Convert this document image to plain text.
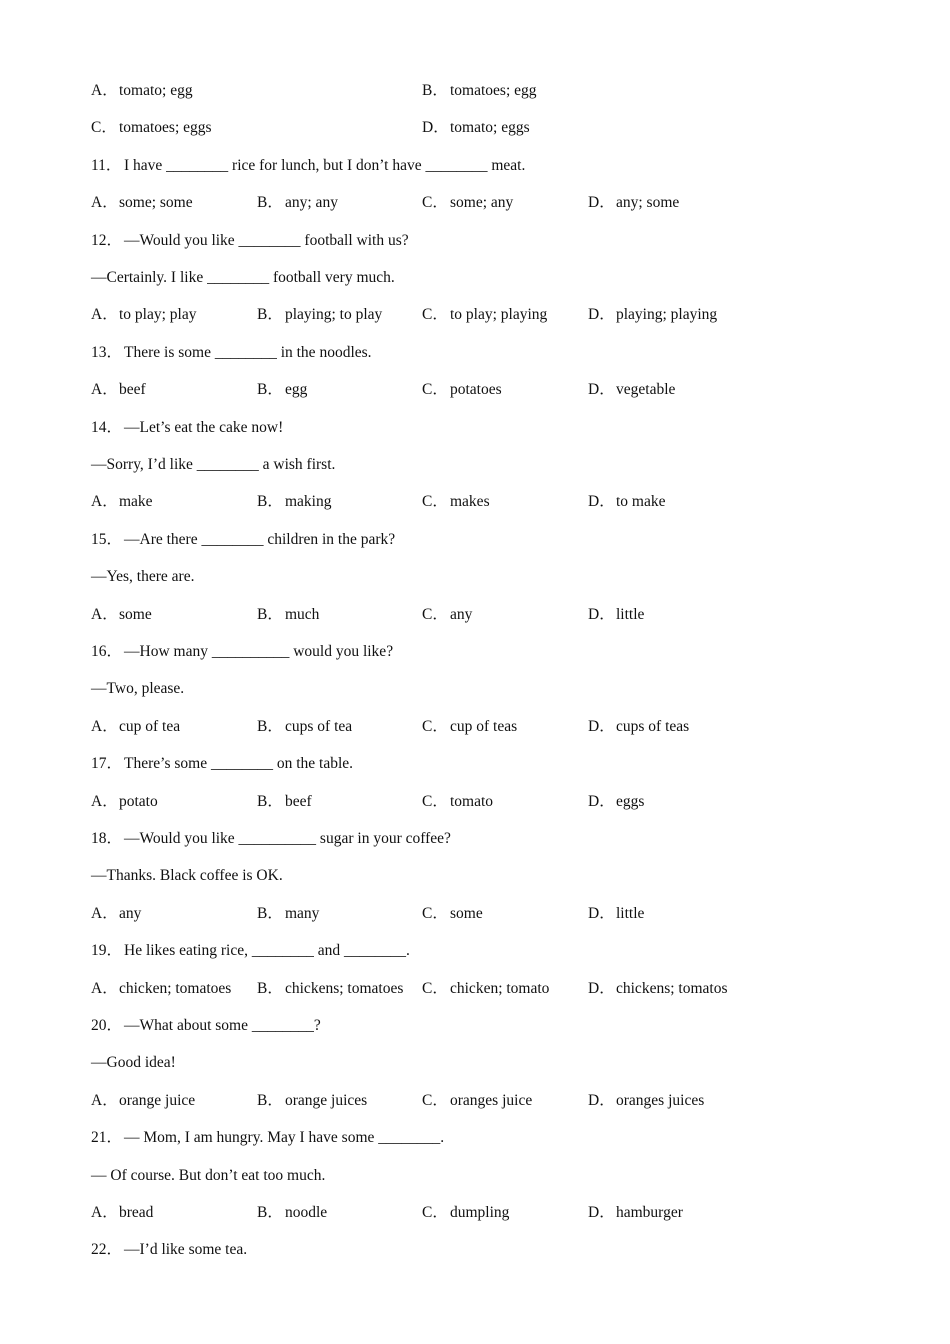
A．tomato; egg	B． tomatoes; egg
C． tomatoes; eggs	D．tomato; eggs
11． I have ________ rice for lunch, but I don’t have ________ meat.
A．some; some	B． any; any	C． some; any	D．any; some
12． —Would you like ________ football with us?
—Certainly. I like ________ football very much.
A．to play; play	B． playing; to play	C． to play; playing	D．playing; playing
13． There is some ________ in the noodles.
A．beef	B． egg	C． potatoes	D．vegetable
14． —Let’s eat the cake now!
—Sorry, I’d like ________ a wish first.
A．make	B． making	C． makes	D．to make
15． —Are there ________ children in the park?
—Yes, there are.
A．some	B． much	C． any	D．little
16． —How many __________ would you like?
—Two, please.
A．cup of tea	B． cups of tea	C． cup of teas	D．cups of teas
17． There’s some ________ on the table.
A．potato	B． beef	C． tomato	D．eggs
18． —Would you like __________ sugar in your coffee?
—Thanks. Black coffee is OK.
A．any	B． many	C． some	D．little
19． He likes eating rice, ________ and ________.
A．chicken; tomatoes B． chickens; tomatoes C． chicken; tomato D．chickens; tomatos
20． —What about some ________?
—Good idea!
A．orange juice	B． orange juices	C． oranges juice	D．oranges juices
21． — Mom, I am hungry. May I have some ________.
— Of course. But don’t eat too much.
A．bread	B． noodle	C． dumpling	D．hamburger
22． —I’d like some tea.
